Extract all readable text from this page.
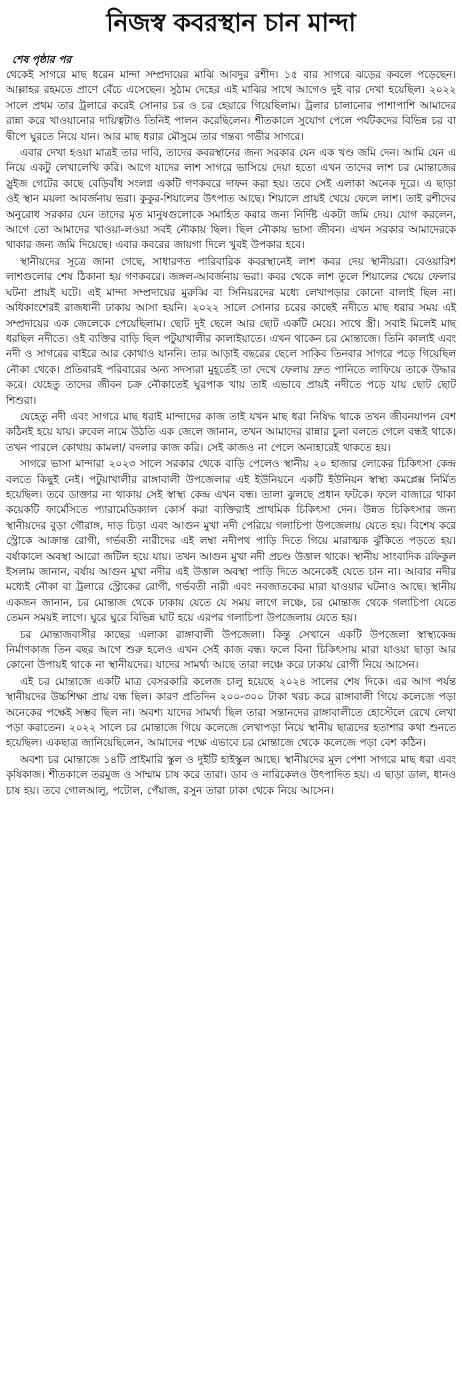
নিজস্ব কবরস্থান চান মান্দা
শেষ পৃষ্ঠার পর

থেকেই সাগরে মাছ ধরেন মান্দা সম্প্রদায়ের মাঝি আবদুর রশীদ। ১৫ বার সাগরে ঝড়ের কবলে পড়েছেন। আল্লাহর রহমতে প্রাণে বেঁচে এসেছেন। সুঠাম দেহের এই মাঝির সাথে আগেও দুই বার দেখা হয়েছিল। ২০২২ সালে প্রথম তার ট্রলারে করেই সোনার চর ও চর হেয়ারে গিয়েছিলাম। ট্রলার চালানোর পাশাপাশি আমাদের রান্না করে খাওয়ানোর দায়িত্বটাও তিনিই পালন করেছিলেন। শীতকালে সুযোগ পেলে পর্যটকদের বিভিন্ন চর বা দ্বীপে ঘুরতে নিয়ে যান। আর মাছ ধরার মৌসুমে তার গন্তব্য গভীর সাগরে।

এবার দেখা হওয়া মাত্রই তার দাবি, তাদের কবরস্থানের জন্য সরকার যেন এক খণ্ড জমি দেন। আমি যেন এ নিয়ে একটু লেখালেখি করি। আগে যাদের লাশ সাগরে ভাসিয়ে দেয়া হতো এখন তাদের লাশ চর মোন্তাজের স্লুইজ গেটের কাছে বেড়িবাঁধ সংলগ্ন একটি গণকবরে দাফন করা হয়। তবে সেই এলাকা অনেক দূরে। এ ছাড়া ওই স্থান ময়লা আবর্জনায় ভরা। কুকুর-শিয়ালের উৎপাত আছে। শিয়ালে প্রায়ই খেয়ে ফেলে লাশ। তাই রশীদের অনুরোধ সরকার যেন তাদের মৃত মানুষগুলোকে সমাহিত করার জন্য নির্দিষ্ট একটা জমি দেয়। যোগ করলেন, আগে তো আমাদের খাওয়া-লওয়া সবই নৌকায় ছিল। ছিল নৌকায় ভাসা জীবন। এখন সরকার আমাদেরকে থাকার জন্য জমি দিয়েছে। এবার কবরের জায়গা দিলে খুবই উপকার হবে।

স্থানীয়দের সূত্রে জানা গেছে, সাধারণত পারিবারিক কবরস্থানেই লাশ কবর দেয় স্থানীয়রা। বেওয়ারিশ লাশগুলোর শেষ ঠিকানা হয় গণকবরে। জঙ্গল-আবর্জনায় ভরা। কবর থেকে লাশ তুলে শিয়ালের খেয়ে ফেলার ঘটনা প্রায়ই ঘটে। এই মান্দা সম্প্রদায়ের মুরুব্বি বা সিনিয়রদের মধ্যে লেখাপড়ার কোনো বালাই ছিল না। অধিকাংশেরই রাজধানী ঢাকায় আসা হয়নি। ২০২২ সালে সোনার চরের কাছেই নদীতে মাছ ধরার সময় এই সম্প্রদায়ের এক জেলেকে পেয়েছিলাম। ছোট দুই ছেলে আর ছোট একটি মেয়ে। সাথে স্ত্রী। সবাই মিলেই মাছ ধরছিল নদীতে। ওই ব্যক্তির বাড়ি ছিল পটুয়াখালীর কালাইয়াতে। এখন থাকেন চর মোন্তাজে। তিনি কালাই এবং নদী ও সাগরের বাইরে আর কোথাও যাননি। তার আড়াই বছরের ছেলে সাকিব তিনবার সাগরে পড়ে গিয়েছিল নৌকা থেকে। প্রতিবারই পরিবারের অন্য সদস্যরা মুহূর্তেই তা দেখে ফেলায় দ্রুত পানিতে লাফিয়ে তাকে উদ্ধার করে। যেহেতু তাদের জীবন চক্র নৌকাতেই ঘুরপাক খায় তাই এভাবে প্রায়ই নদীতে পড়ে যায় ছোট ছোট শিশুরা।

যেহেতু নদী এবং সাগরে মাছ ধরাই মান্দাদের কাজ তাই যখন মাছ ধরা নিষিদ্ধ থাকে তখন জীবনযাপন বেশ কঠিনই হয়ে যায়। রুবেল নামে উঠতি এক জেলে জানান, তখন আমাদের রান্নার চুলা বলতে গেলে বন্ধই থাকে। তখন পারলে কোথায় কামলা/ বদলার কাজ করি। সেই কাজও না পেলে অনাহারেই থাকতে হয়।

সাগরে ভাসা মান্দারা ২০২৩ সালে সরকার থেকে বাড়ি পেলেও স্থানীয় ২০ হাজার লোকের চিকিৎসা কেন্দ্র বলতে কিছুই নেই। পটুয়াখালীর রাঙ্গাবালী উপজেলার এই ইউনিয়নে একটি ইউনিয়ন স্বাস্থ্য কমপ্লেক্স নির্মিত হয়েছিল। তবে ডাক্তার না থাকায় সেই স্বাস্থ্য কেন্দ্র এখন বন্ধ। তালা ঝুলছে প্রধান ফটকে। ফলে বাজারে থাকা কয়েকটি ফার্মেসিতে প্যারামেডিক্যাল কোর্স করা ব্যক্তিরাই প্রাথমিক চিকিৎসা দেন। উন্নত চিকিৎসার জন্য স্থানীয়দের বুড়া গৌরাঙ্গ, দাড় চিড়া এবং আগুন মুখা নদী পেরিয়ে গলাচিপা উপজেলায় যেতে হয়। বিশেষ করে স্ট্রোকে আক্রান্ত রোগী, গর্ভবতী নারীদের এই লম্বা নদীপথ পাড়ি দিতে গিয়ে মারাত্মক ঝুঁকিতে পড়তে হয়। বর্ষাকালে অবস্থা আরো জটিল হয়ে যায়। তখন আগুন মুখা নদী প্রচণ্ড উত্তাল থাকে। স্থানীয় সাংবাদিক রফিকুল ইসলাম জানান, বর্ষায় আগুন মুখা নদীর এই উত্তাল অবস্থা পাড়ি দিতে অনেকেই যেতে চান না। আবার নদীর মধ্যেই নৌকা বা ট্রলারে স্ট্রোকের রোগী, গর্ভবতী নারী এবং নবজাতকের মারা যাওয়ার ঘটনাও আছে। স্থানীয় একজন জানান, চর মোন্তাজ থেকে ঢাকায় যেতে যে সময় লাগে লঞ্চে, চর মোন্তাজ থেকে গলাচিপা যেতে তেমন সময়ই লাগে। ঘুরে ঘুরে বিভিন্ন ঘাট হয়ে এরপর গলাচিপা উপজেলায় যেতে হয়।

চর মোন্তাজবাসীর কাছের এলাকা রাঙ্গাবালী উপজেলা। কিন্তু সেখানে একটি উপজেলা স্বাস্থ্যকেন্দ্র নির্মাণকাজ তিন বছর আগে শুরু হলেও এখন সেই কাজ বন্ধ। ফলে বিনা চিকিৎসায় মারা যাওয়া ছাড়া আর কোনো উপায়ই থাকে না স্থানীয়দের। যাদের সামর্থ্য আছে তারা লঞ্চে করে ঢাকায় রোগী নিয়ে আসেন।

এই চর মোন্তাজে একটি মাত্র বেসরকারি কলেজ চালু হয়েছে ২০২৪ সালের শেষ দিকে। এর আগ পর্যন্ত স্থানীয়দের উচ্চশিক্ষা প্রায় বন্ধ ছিল। কারণ প্রতিদিন ২০০-৩০০ টাকা খরচ করে রাঙ্গাবালী গিয়ে কলেজে পড়া অনেকের পক্ষেই সম্ভব ছিল না। অবশ্য যাদের সামর্থ্য ছিল তারা সন্তানদের রাঙ্গাবালীতে হোস্টেলে রেখে লেখা পড়া করাতেন। ২০২২ সালে চর মোন্তাজে গিয়ে কলেজে লেখাপড়া নিয়ে স্থানীয় ছাত্রদের হতাশার কথা শুনতে হয়েছিল। একছাত্র জানিয়েছিলেন, আমাদের পক্ষে এভাবে চর মোন্তাজে থেকে কলেজে পড়া বেশ কঠিন।

অবশ্য চর মোন্তাজে ১৪টি প্রাইমারি স্কুল ও দুইটি হাইস্কুল আছে। স্থানীয়দের মূল পেশা সাগরে মাছ ধরা এবং কৃষিকাজ। শীতকালে তরমুজ ও সাম্মাম চাষ করে তারা। ডাব ও নারিকেলও উৎপাদিত হয়। এ ছাড়া ডাল, ধানও চাষ হয়। তবে গোলআলু, পটোল, পেঁয়াজ, রসুন তারা ঢাকা থেকে নিয়ে আসেন।
